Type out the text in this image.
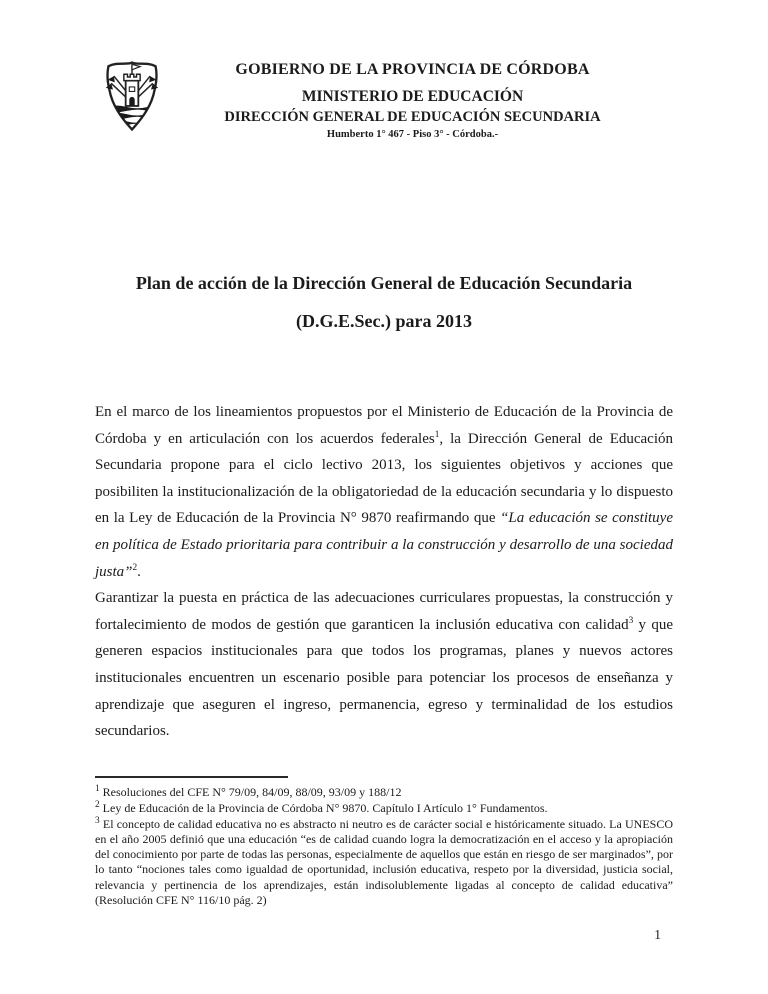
GOBIERNO DE LA PROVINCIA DE CÓRDOBA
MINISTERIO DE EDUCACIÓN
DIRECCIÓN GENERAL DE EDUCACIÓN SECUNDARIA
Humberto 1° 467 - Piso 3° - Córdoba.-
Plan de acción de la Dirección General de Educación Secundaria
(D.G.E.Sec.) para 2013

En el marco de los lineamientos propuestos por el Ministerio de Educación de la Provincia de Córdoba y en articulación con los acuerdos federales$^1$, la Dirección General de Educación Secundaria propone para el ciclo lectivo 2013, los siguientes objetivos y acciones que posibiliten la institucionalización de la obligatoriedad de la educación secundaria y lo dispuesto en la Ley de Educación de la Provincia N° 9870 reafirmando que “La educación se constituye en política de Estado prioritaria para contribuir a la construcción y desarrollo de una sociedad justa”$^2$.

Garantizar la puesta en práctica de las adecuaciones curriculares propuestas, la construcción y fortalecimiento de modos de gestión que garanticen la inclusión educativa con calidad$^3$ y que generen espacios institucionales para que todos los programas, planes y nuevos actores institucionales encuentren un escenario posible para potenciar los procesos de enseñanza y aprendizaje que aseguren el ingreso, permanencia, egreso y terminalidad de los estudios secundarios.

$^1$ Resoluciones del CFE N° 79/09, 84/09, 88/09, 93/09 y 188/12
$^2$ Ley de Educación de la Provincia de Córdoba N° 9870. Capítulo I Artículo 1° Fundamentos.
$^3$ El concepto de calidad educativa no es abstracto ni neutro es de carácter social e históricamente situado. La UNESCO en el año 2005 definió que una educación “es de calidad cuando logra la democratización en el acceso y la apropiación del conocimiento por parte de todas las personas, especialmente de aquellos que están en riesgo de ser marginados”, por lo tanto “nociones tales como igualdad de oportunidad, inclusión educativa, respeto por la diversidad, justicia social, relevancia y pertinencia de los aprendizajes, están indisolublemente ligadas al concepto de calidad educativa” (Resolución CFE N° 116/10 pág. 2)
1
